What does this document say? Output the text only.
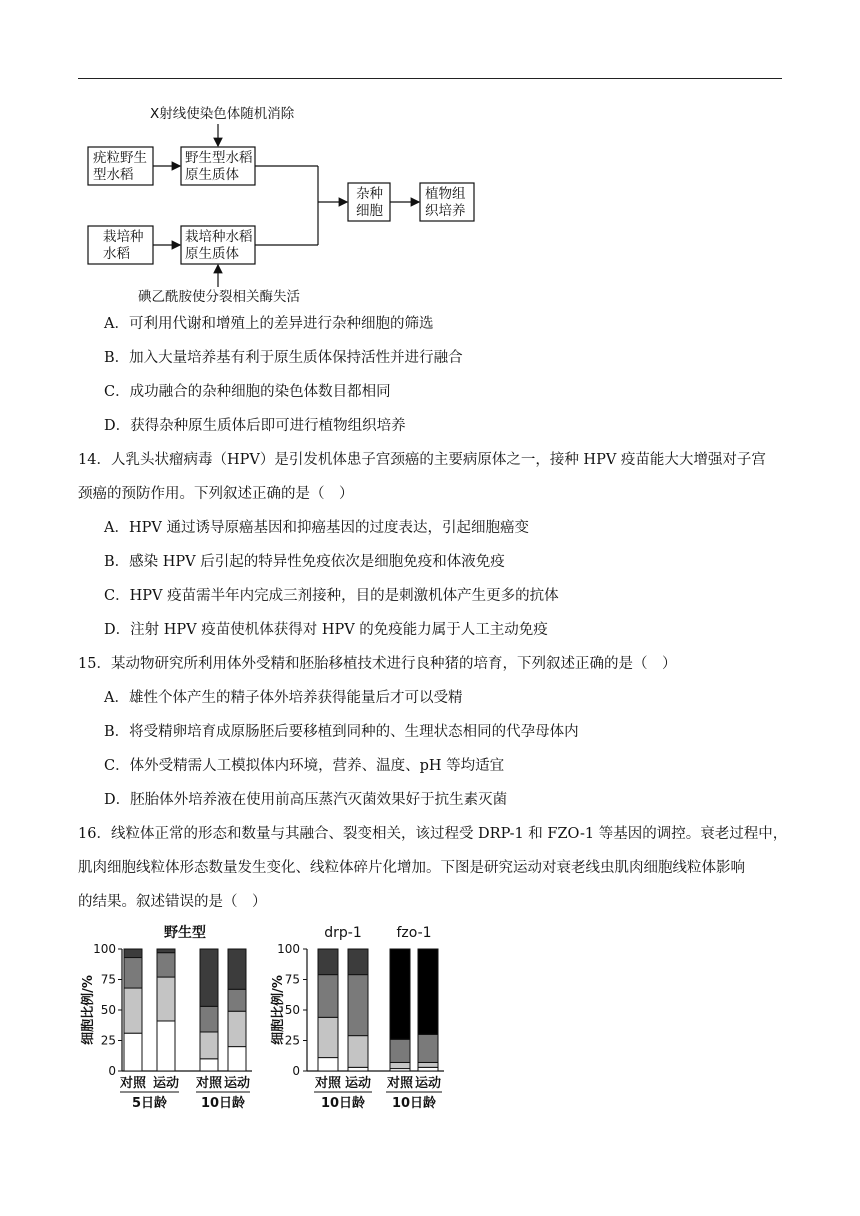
X射线使染色体随机消除
碘乙酰胺使分裂相关酶失活
疣粒野生
型水稻
野生型水稻
原生质体
栽培种
水稻
栽培种水稻
原生质体
杂种
细胞
植物组
织培养
A．可利用代谢和增殖上的差异进行杂种细胞的筛选
B．加入大量培养基有利于原生质体保持活性并进行融合
C．成功融合的杂种细胞的染色体数目都相同
D．获得杂种原生质体后即可进行植物组织培养
14．人乳头状瘤病毒（HPV）是引发机体患子宫颈癌的主要病原体之一，接种 HPV 疫苗能大大增强对子宫
颈癌的预防作用。下列叙述正确的是（　）
A．HPV 通过诱导原癌基因和抑癌基因的过度表达，引起细胞癌变
B．感染 HPV 后引起的特异性免疫依次是细胞免疫和体液免疫
C．HPV 疫苗需半年内完成三剂接种，目的是刺激机体产生更多的抗体
D．注射 HPV 疫苗使机体获得对 HPV 的免疫能力属于人工主动免疫
15．某动物研究所利用体外受精和胚胎移植技术进行良种猪的培育，下列叙述正确的是（　）
A．雄性个体产生的精子体外培养获得能量后才可以受精
B．将受精卵培育成原肠胚后要移植到同种的、生理状态相同的代孕母体内
C．体外受精需人工模拟体内环境，营养、温度、pH 等均适宜
D．胚胎体外培养液在使用前高压蒸汽灭菌效果好于抗生素灭菌
16．线粒体正常的形态和数量与其融合、裂变相关，该过程受 DRP-1 和 FZO-1 等基因的调控。衰老过程中，
肌肉细胞线粒体形态数量发生变化、线粒体碎片化增加。下图是研究运动对衰老线虫肌肉细胞线粒体影响
的结果。叙述错误的是（　）
0
25
50
75
100
细胞比例/%
对照 运动 对照 运动
5日龄	10日龄
野生型
0
25
50
75
100
细胞比例/%
对照 运动 对照 运动
10日龄 10日龄
drp-1 fzo-1
